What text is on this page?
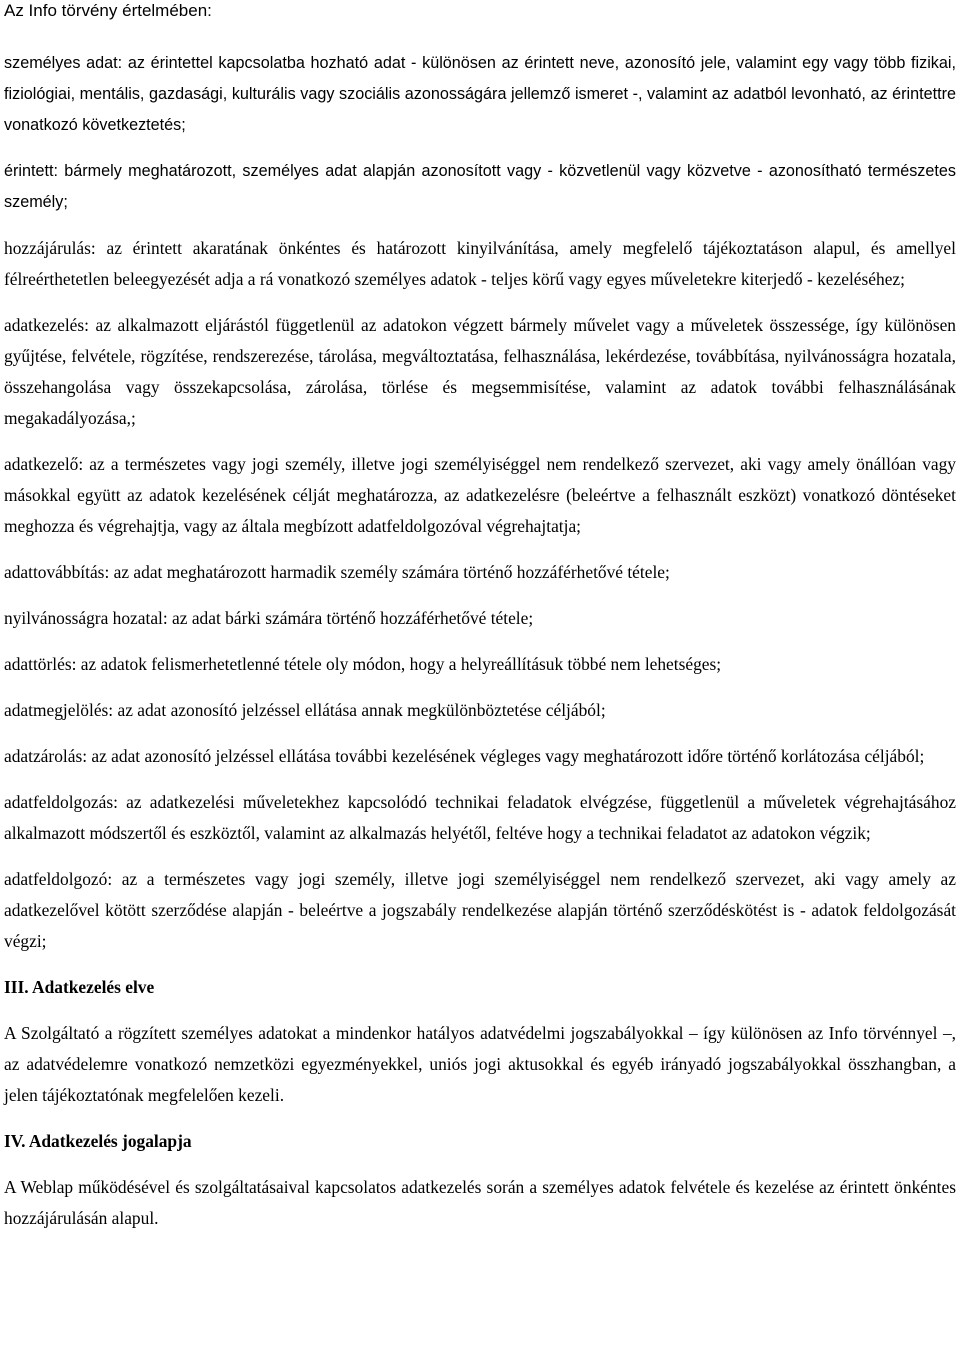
Az Info törvény értelmében:

személyes adat: az érintettel kapcsolatba hozható adat - különösen az érintett neve, azonosító jele, valamint egy vagy több fizikai, fiziológiai, mentális, gazdasági, kulturális vagy szociális azonosságára jellemző ismeret -, valamint az adatból levonható, az érintettre vonatkozó következtetés;

érintett: bármely meghatározott, személyes adat alapján azonosított vagy - közvetlenül vagy közvetve - azonosítható természetes személy;

hozzájárulás: az érintett akaratának önkéntes és határozott kinyilvánítása, amely megfelelő tájékoztatáson alapul, és amellyel félreérthetetlen beleegyezését adja a rá vonatkozó személyes adatok - teljes körű vagy egyes műveletekre kiterjedő - kezeléséhez;

adatkezelés: az alkalmazott eljárástól függetlenül az adatokon végzett bármely művelet vagy a műveletek összessége, így különösen gyűjtése, felvétele, rögzítése, rendszerezése, tárolása, megváltoztatása, felhasználása, lekérdezése, továbbítása, nyilvánosságra hozatala, összehangolása vagy összekapcsolása, zárolása, törlése és megsemmisítése, valamint az adatok további felhasználásának megakadályozása,;

adatkezelő: az a természetes vagy jogi személy, illetve jogi személyiséggel nem rendelkező szervezet, aki vagy amely önállóan vagy másokkal együtt az adatok kezelésének célját meghatározza, az adatkezelésre (beleértve a felhasznált eszközt) vonatkozó döntéseket meghozza és végrehajtja, vagy az általa megbízott adatfeldolgozóval végrehajtatja;

adattovábbítás: az adat meghatározott harmadik személy számára történő hozzáférhetővé tétele;

nyilvánosságra hozatal: az adat bárki számára történő hozzáférhetővé tétele;

adattörlés: az adatok felismerhetetlenné tétele oly módon, hogy a helyreállításuk többé nem lehetséges;

adatmegjelölés: az adat azonosító jelzéssel ellátása annak megkülönböztetése céljából;

adatzárolás: az adat azonosító jelzéssel ellátása további kezelésének végleges vagy meghatározott időre történő korlátozása céljából;

adatfeldolgozás: az adatkezelési műveletekhez kapcsolódó technikai feladatok elvégzése, függetlenül a műveletek végrehajtásához alkalmazott módszertől és eszköztől, valamint az alkalmazás helyétől, feltéve hogy a technikai feladatot az adatokon végzik;

adatfeldolgozó: az a természetes vagy jogi személy, illetve jogi személyiséggel nem rendelkező szervezet, aki vagy amely az adatkezelővel kötött szerződése alapján - beleértve a jogszabály rendelkezése alapján történő szerződéskötést is - adatok feldolgozását végzi;

III. Adatkezelés elve

A Szolgáltató a rögzített személyes adatokat a mindenkor hatályos adatvédelmi jogszabályokkal – így különösen az Info törvénnyel –, az adatvédelemre vonatkozó nemzetközi egyezményekkel, uniós jogi aktusokkal és egyéb irányadó jogszabályokkal összhangban, a jelen tájékoztatónak megfelelően kezeli.

IV. Adatkezelés jogalapja

A Weblap működésével és szolgáltatásaival kapcsolatos adatkezelés során a személyes adatok felvétele és kezelése az érintett önkéntes hozzájárulásán alapul.
